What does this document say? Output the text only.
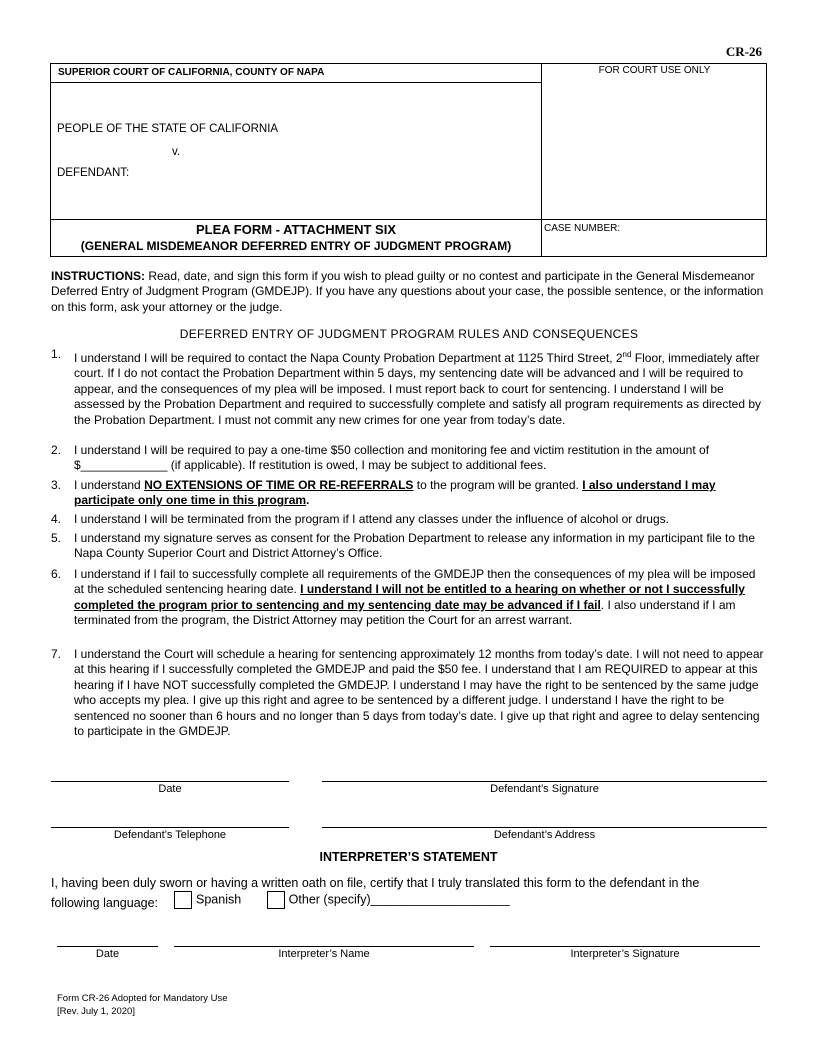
CR-26
SUPERIOR COURT OF CALIFORNIA, COUNTY OF NAPA	FOR COURT USE ONLY
PEOPLE OF THE STATE OF CALIFORNIA
v.
DEFENDANT:
PLEA FORM - ATTACHMENT SIX
(GENERAL MISDEMEANOR DEFERRED ENTRY OF JUDGMENT PROGRAM)
CASE NUMBER:
INSTRUCTIONS: Read, date, and sign this form if you wish to plead guilty or no contest and participate in the General Misdemeanor Deferred Entry of Judgment Program (GMDEJP). If you have any questions about your case, the possible sentence, or the information on this form, ask your attorney or the judge.
DEFERRED ENTRY OF JUDGMENT PROGRAM RULES AND CONSEQUENCES
1. I understand I will be required to contact the Napa County Probation Department at 1125 Third Street, 2nd Floor, immediately after court. If I do not contact the Probation Department within 5 days, my sentencing date will be advanced and I will be required to appear, and the consequences of my plea will be imposed. I must report back to court for sentencing. I understand I will be assessed by the Probation Department and required to successfully complete and satisfy all program requirements as directed by the Probation Department. I must not commit any new crimes for one year from today’s date.
2. I understand I will be required to pay a one-time $50 collection and monitoring fee and victim restitution in the amount of $_____________ (if applicable). If restitution is owed, I may be subject to additional fees.
3. I understand NO EXTENSIONS OF TIME OR RE-REFERRALS to the program will be granted. I also understand I may participate only one time in this program.
4. I understand I will be terminated from the program if I attend any classes under the influence of alcohol or drugs.
5. I understand my signature serves as consent for the Probation Department to release any information in my participant file to the Napa County Superior Court and District Attorney’s Office.
6. I understand if I fail to successfully complete all requirements of the GMDEJP then the consequences of my plea will be imposed at the scheduled sentencing hearing date. I understand I will not be entitled to a hearing on whether or not I successfully completed the program prior to sentencing and my sentencing date may be advanced if I fail. I also understand if I am terminated from the program, the District Attorney may petition the Court for an arrest warrant.
7. I understand the Court will schedule a hearing for sentencing approximately 12 months from today’s date. I will not need to appear at this hearing if I successfully completed the GMDEJP and paid the $50 fee. I understand that I am REQUIRED to appear at this hearing if I have NOT successfully completed the GMDEJP. I understand I may have the right to be sentenced by the same judge who accepts my plea. I give up this right and agree to be sentenced by a different judge. I understand I have the right to be sentenced no sooner than 6 hours and no longer than 5 days from today’s date. I give up that right and agree to delay sentencing to participate in the GMDEJP.
Date	Defendant’s Signature
Defendant’s Telephone	Defendant’s Address
INTERPRETER’S STATEMENT
I, having been duly sworn or having a written oath on file, certify that I truly translated this form to the defendant in the following language:	Spanish	Other (specify)____________________
Date	Interpreter’s Name	Interpreter’s Signature
Form CR-26 Adopted for Mandatory Use
[Rev. July 1, 2020]
